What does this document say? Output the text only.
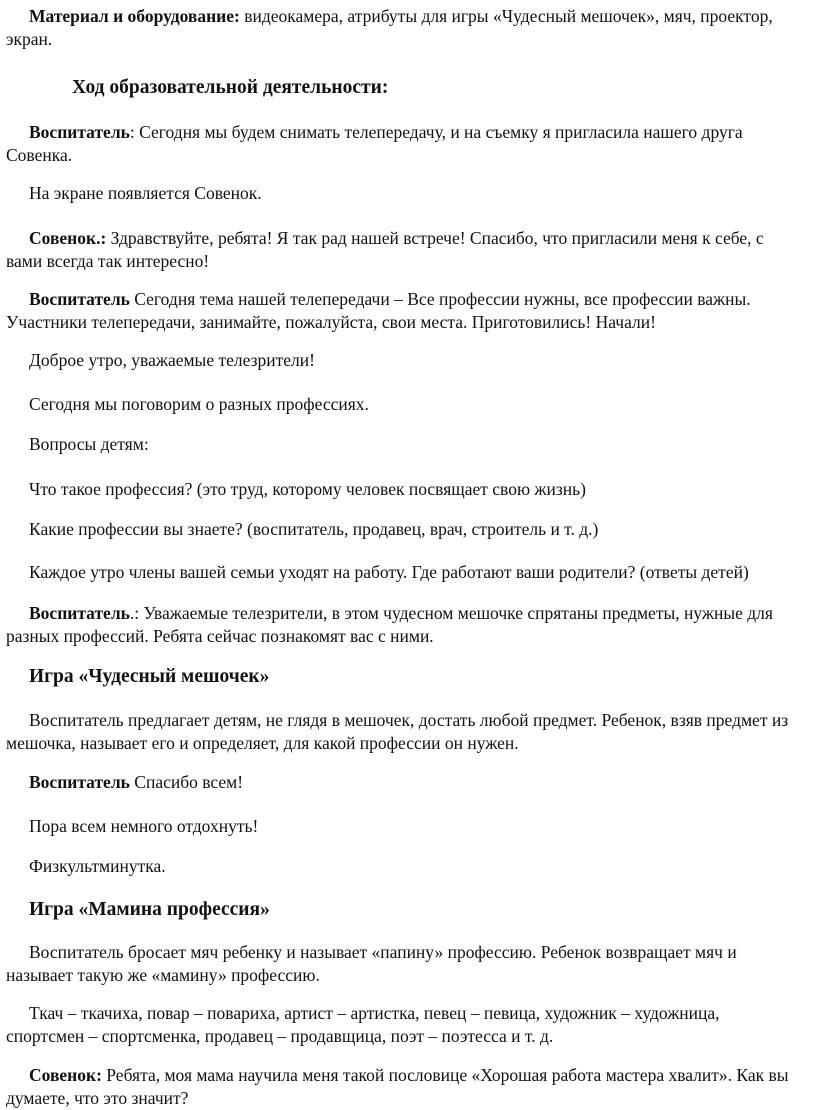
Материал и оборудование: видеокамера, атрибуты для игры «Чудесный мешочек», мяч, проектор, экран.

Ход образовательной деятельности:

Воспитатель: Сегодня мы будем снимать телепередачу, и на съемку я пригласила нашего друга Совенка.

На экране появляется Совенок.

Совенок.: Здравствуйте, ребята! Я так рад нашей встрече! Спасибо, что пригласили меня к себе, с вами всегда так интересно!

Воспитатель Сегодня тема нашей телепередачи – Все профессии нужны, все профессии важны. Участники телепередачи, занимайте, пожалуйста, свои места. Приготовились! Начали!

Доброе утро, уважаемые телезрители!

Сегодня мы поговорим о разных профессиях.

Вопросы детям:

Что такое профессия? (это труд, которому человек посвящает свою жизнь)

Какие профессии вы знаете? (воспитатель, продавец, врач, строитель и т. д.)

Каждое утро члены вашей семьи уходят на работу. Где работают ваши родители? (ответы детей)

Воспитатель.: Уважаемые телезрители, в этом чудесном мешочке спрятаны предметы, нужные для разных профессий. Ребята сейчас познакомят вас с ними.

Игра «Чудесный мешочек»

Воспитатель предлагает детям, не глядя в мешочек, достать любой предмет. Ребенок, взяв предмет из мешочка, называет его и определяет, для какой профессии он нужен.

Воспитатель Спасибо всем!

Пора всем немного отдохнуть!

Физкультминутка.

Игра «Мамина профессия»

Воспитатель бросает мяч ребенку и называет «папину» профессию. Ребенок возвращает мяч и называет такую же «мамину» профессию.

Ткач – ткачиха, повар – повариха, артист – артистка, певец – певица, художник – художница, спортсмен – спортсменка, продавец – продавщица, поэт – поэтесса и т. д.

Совенок: Ребята, моя мама научила меня такой пословице «Хорошая работа мастера хвалит». Как вы думаете, что это значит?
